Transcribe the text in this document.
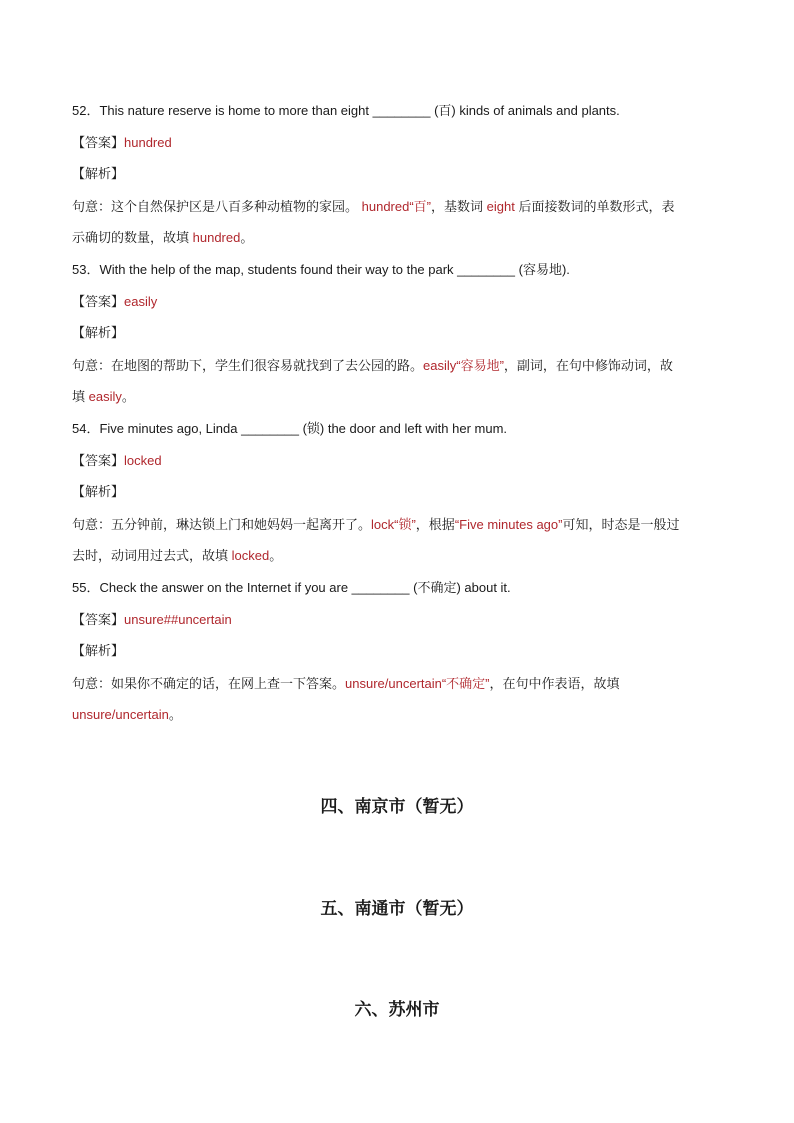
52．This nature reserve is home to more than eight ________ (百) kinds of animals and plants.
【答案】hundred
【解析】
句意：这个自然保护区是八百多种动植物的家园。 hundred“百”，基数词 eight 后面接数词的单数形式，表
示确切的数量，故填 hundred。
53．With the help of the map, students found their way to the park ________ (容易地).
【答案】easily
【解析】
句意：在地图的帮助下，学生们很容易就找到了去公园的路。easily“容易地”，副词，在句中修饰动词，故
填 easily。
54．Five minutes ago, Linda ________ (锁) the door and left with her mum.
【答案】locked
【解析】
句意：五分钟前，琳达锁上门和她妈妈一起离开了。lock“锁”，根据“Five minutes ago”可知，时态是一般过
去时，动词用过去式，故填 locked。
55．Check the answer on the Internet if you are ________ (不确定) about it.
【答案】unsure##uncertain
【解析】
句意：如果你不确定的话，在网上查一下答案。unsure/uncertain“不确定”，在句中作表语，故填
unsure/uncertain。
四、南京市（暂无）
五、南通市（暂无）
六、苏州市
